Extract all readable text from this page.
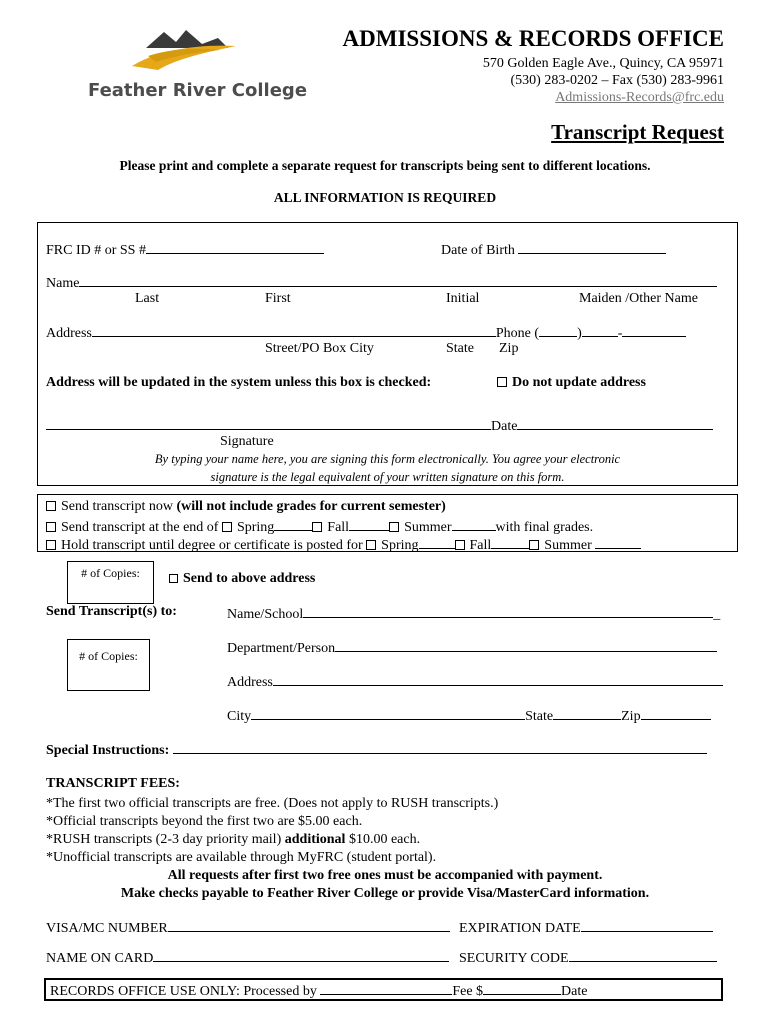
Feather River College
ADMISSIONS & RECORDS OFFICE
570 Golden Eagle Ave., Quincy, CA 95971
(530) 283-0202 – Fax (530) 283-9961
Admissions-Records@frc.edu
Transcript Request
Please print and complete a separate request for transcripts being sent to different locations.
ALL INFORMATION IS REQUIRED
FRC ID # or SS #	Date of Birth
Name
Last	First	Initial	Maiden /Other Name
Address	Phone (	)	-
Street/PO Box City	State Zip
Address will be updated in the system unless this box is checked:	Do not update address
Date
Signature
By typing your name here, you are signing this form electronically. You agree your electronic
signature is the legal equivalent of your written signature on this form.
Send transcript now (will not include grades for current semester)
Send transcript at the end of Spring	Fall	Summer	with final grades.
Hold transcript until degree or certificate is posted for Spring	Fall	Summer
# of Copies:	Send to above address
Send Transcript(s) to:	Name/School	_
# of Copies:	Department/Person
Address
City	State	Zip
Special Instructions:
TRANSCRIPT FEES:
*The first two official transcripts are free. (Does not apply to RUSH transcripts.)
*Official transcripts beyond the first two are $5.00 each.
*RUSH transcripts (2-3 day priority mail) additional $10.00 each.
*Unofficial transcripts are available through MyFRC (student portal).
All requests after first two free ones must be accompanied with payment.
Make checks payable to Feather River College or provide Visa/MasterCard information.
VISA/MC NUMBER	EXPIRATION DATE
NAME ON CARD	SECURITY CODE
RECORDS OFFICE USE ONLY: Processed by	Fee $	Date
